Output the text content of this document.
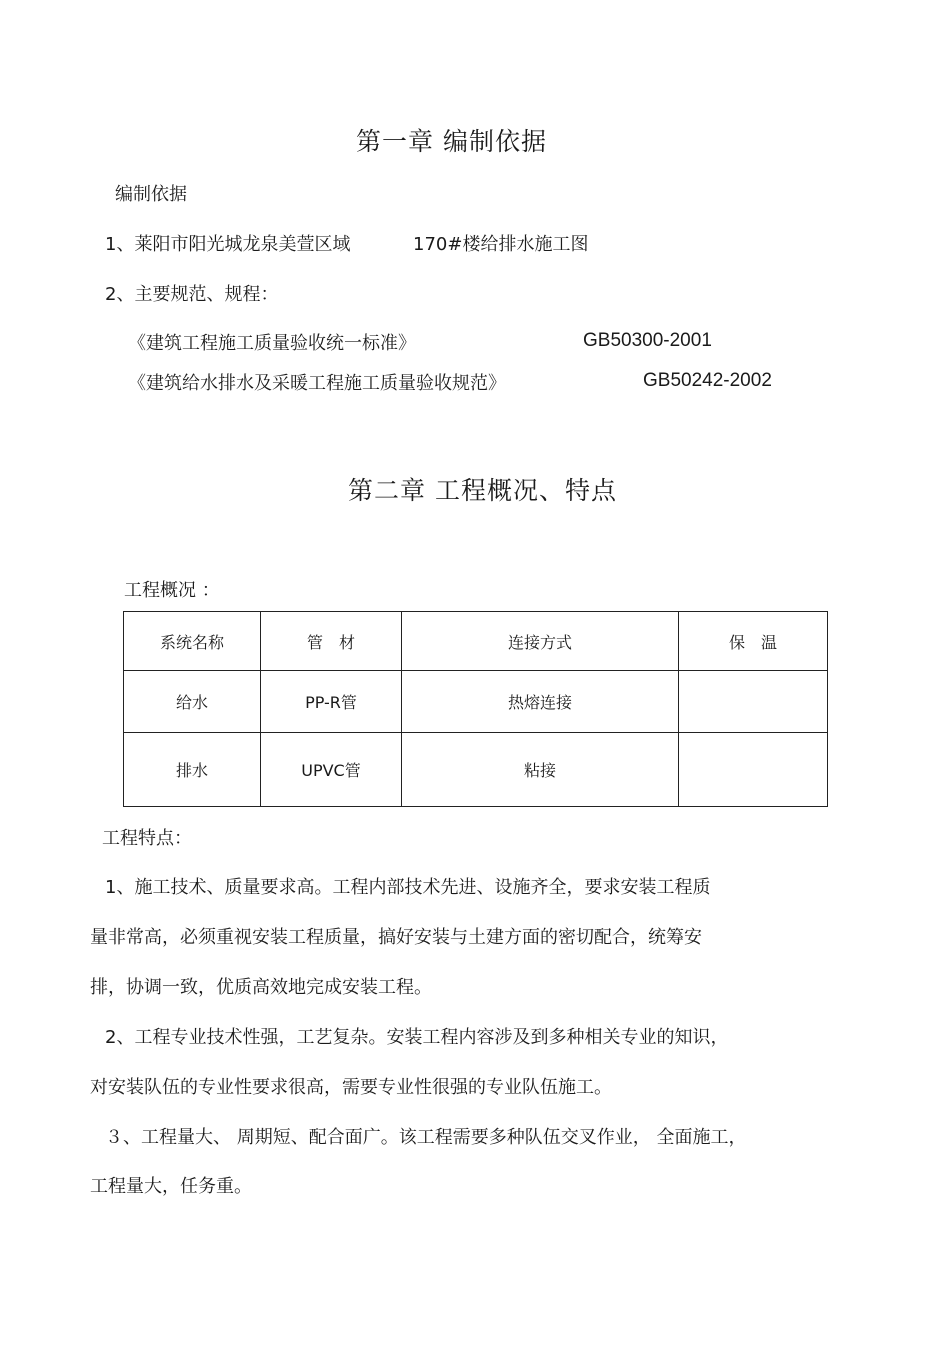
第一章 编制依据
编制依据
1、莱阳市阳光城龙泉美萱区域	170#楼给排水施工图
2、主要规范、规程：
《建筑工程施工质量验收统一标准》	GB50300-2001
《建筑给水排水及采暖工程施工质量验收规范》	GB50242-2002
第二章 工程概况、特点
工程概况 ：
系统名称	管　材	连接方式	保　温
给水	PP-R管	热熔连接	
排水	UPVC管	粘接	
工程特点：
1、施工技术、质量要求高。工程内部技术先进、设施齐全，要求安装工程质
量非常高，必须重视安装工程质量，搞好安装与土建方面的密切配合，统筹安
排，协调一致，优质高效地完成安装工程。
2、工程专业技术性强，工艺复杂。安装工程内容涉及到多种相关专业的知识，
对安装队伍的专业性要求很高，需要专业性很强的专业队伍施工。
３、工程量大、 周期短、配合面广。该工程需要多种队伍交叉作业， 全面施工，
工程量大，任务重。
